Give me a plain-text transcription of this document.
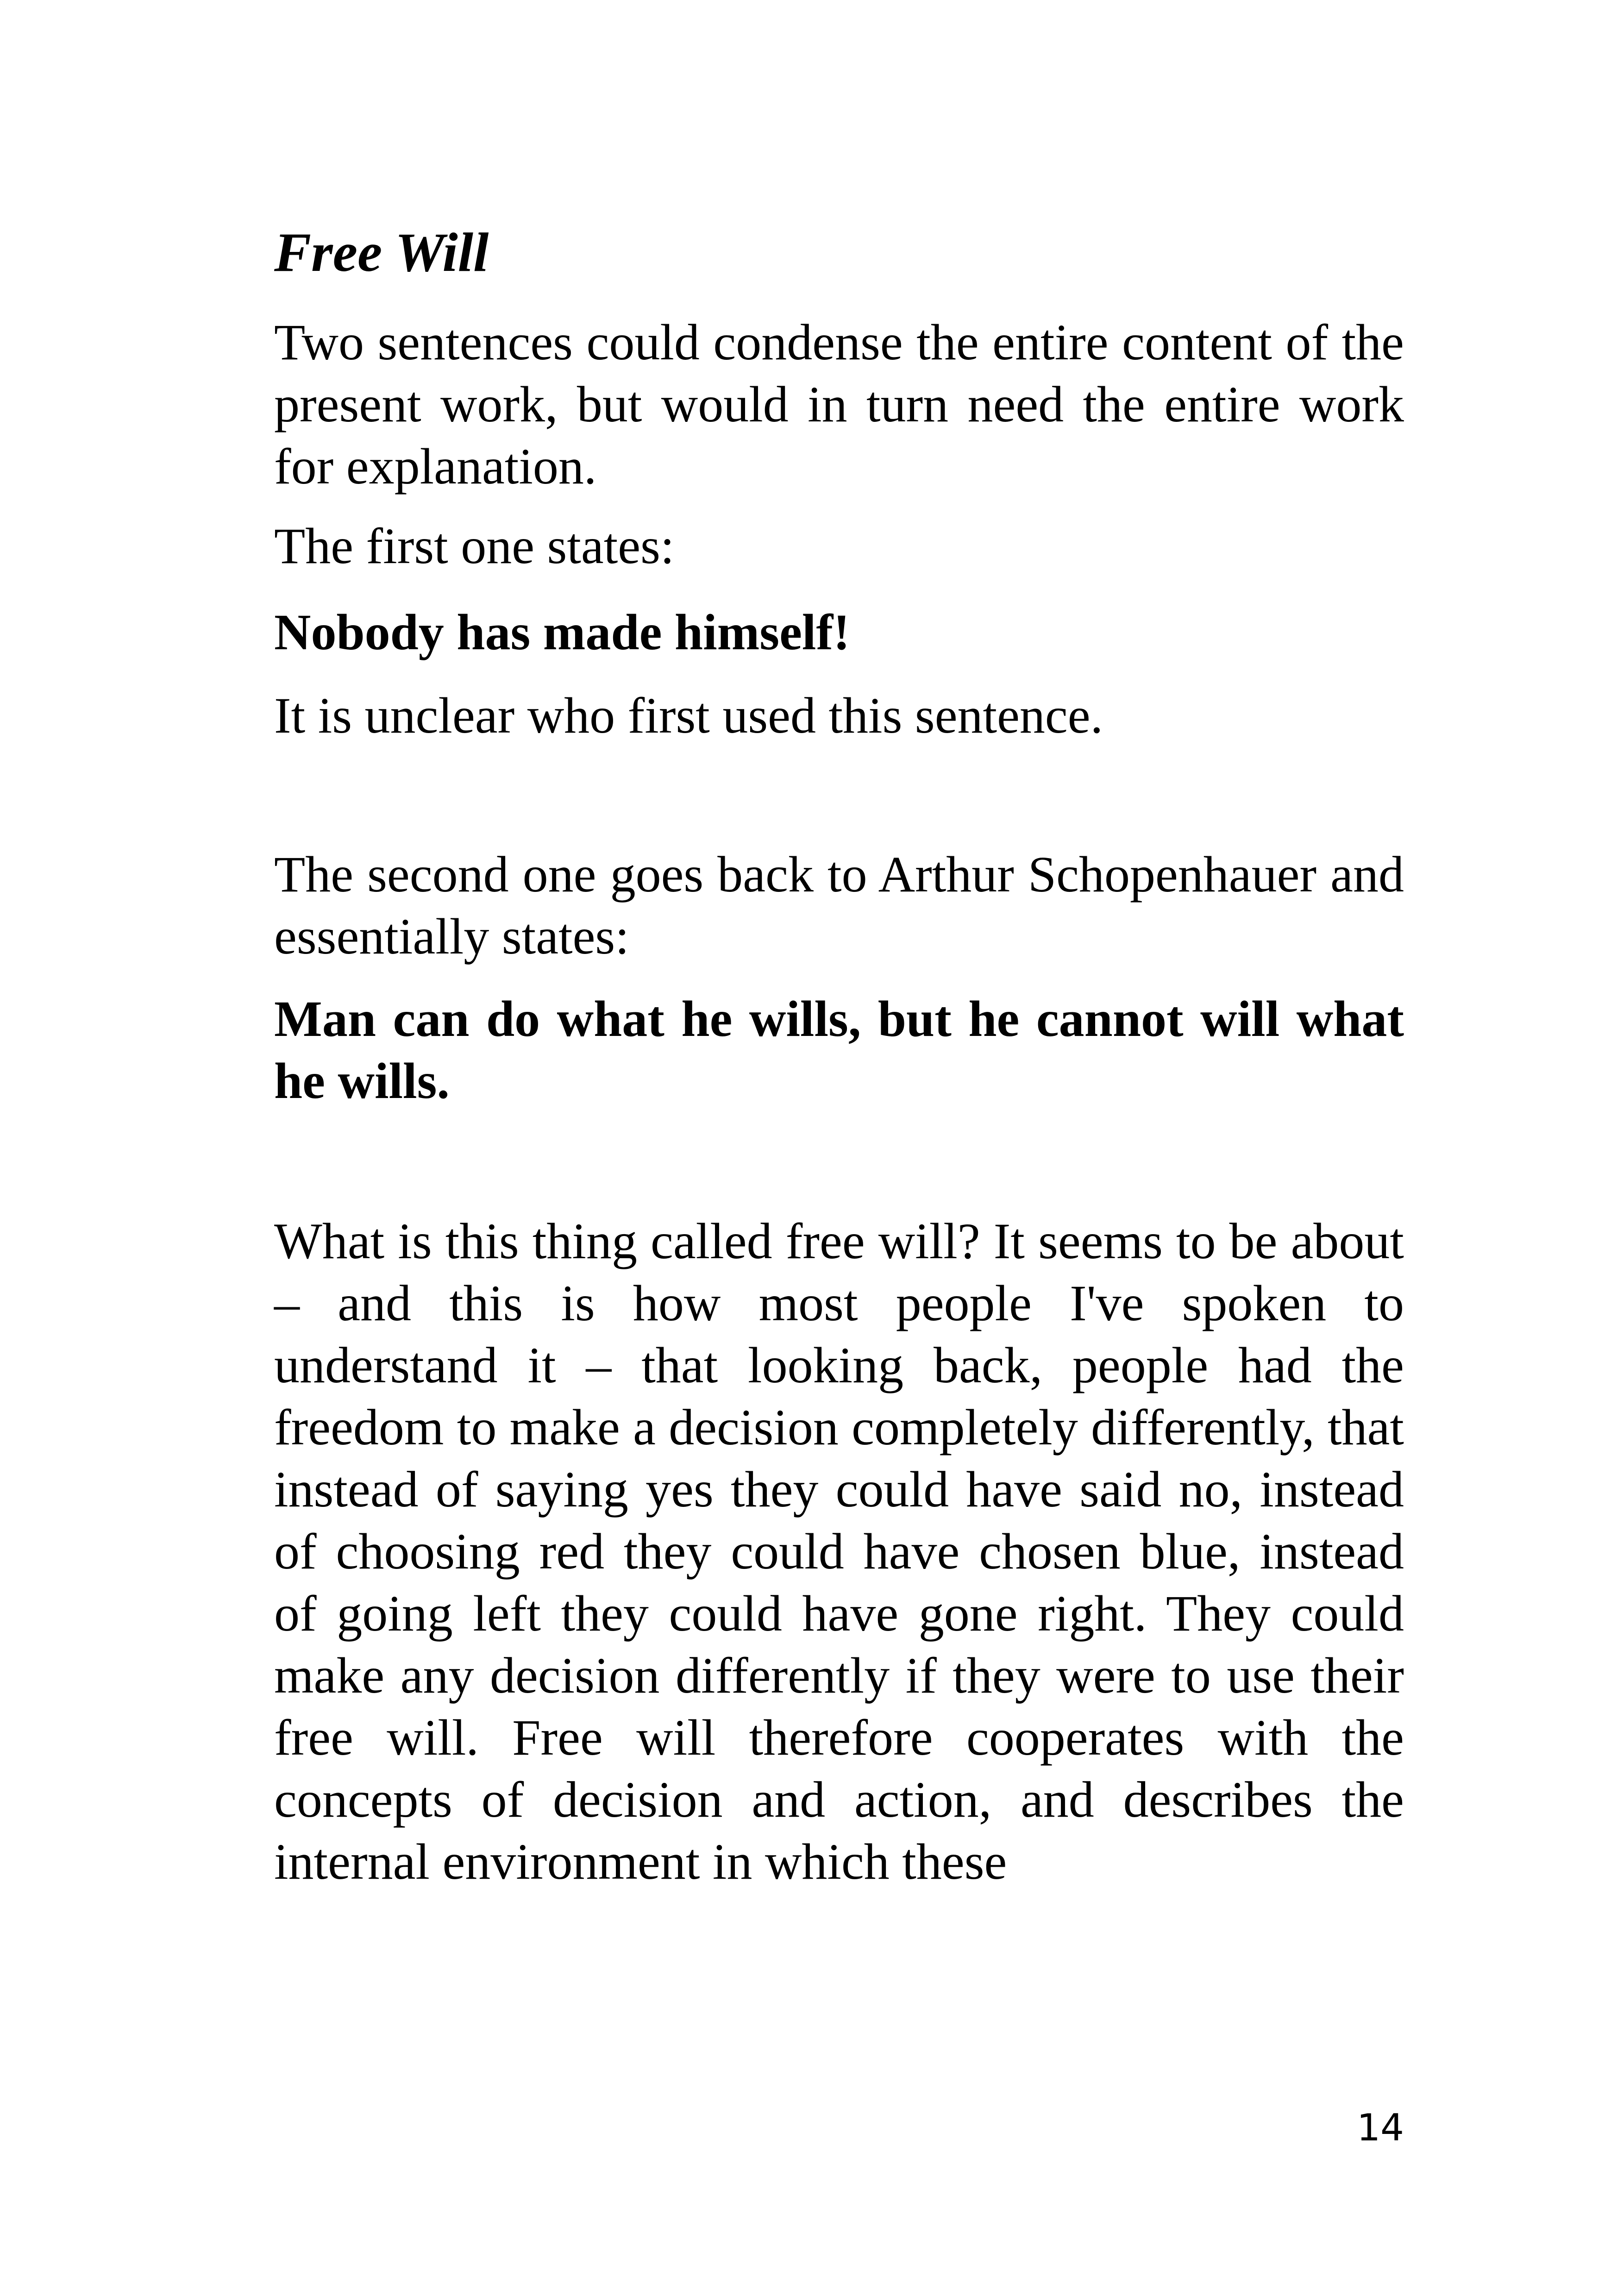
Free Will

Two sentences could condense the entire content of the present work, but would in turn need the entire work for explanation.

The first one states:

Nobody has made himself!

It is unclear who first used this sentence.

The second one goes back to Arthur Schopenhauer and essentially states:

Man can do what he wills, but he cannot will what he wills.

What is this thing called free will? It seems to be about – and this is how most people I've spoken to understand it – that looking back, people had the freedom to make a decision completely differently, that instead of saying yes they could have said no, instead of choosing red they could have chosen blue, instead of going left they could have gone right. They could make any decision differently if they were to use their free will. Free will therefore cooperates with the concepts of decision and action, and describes the internal environment in which these

14
